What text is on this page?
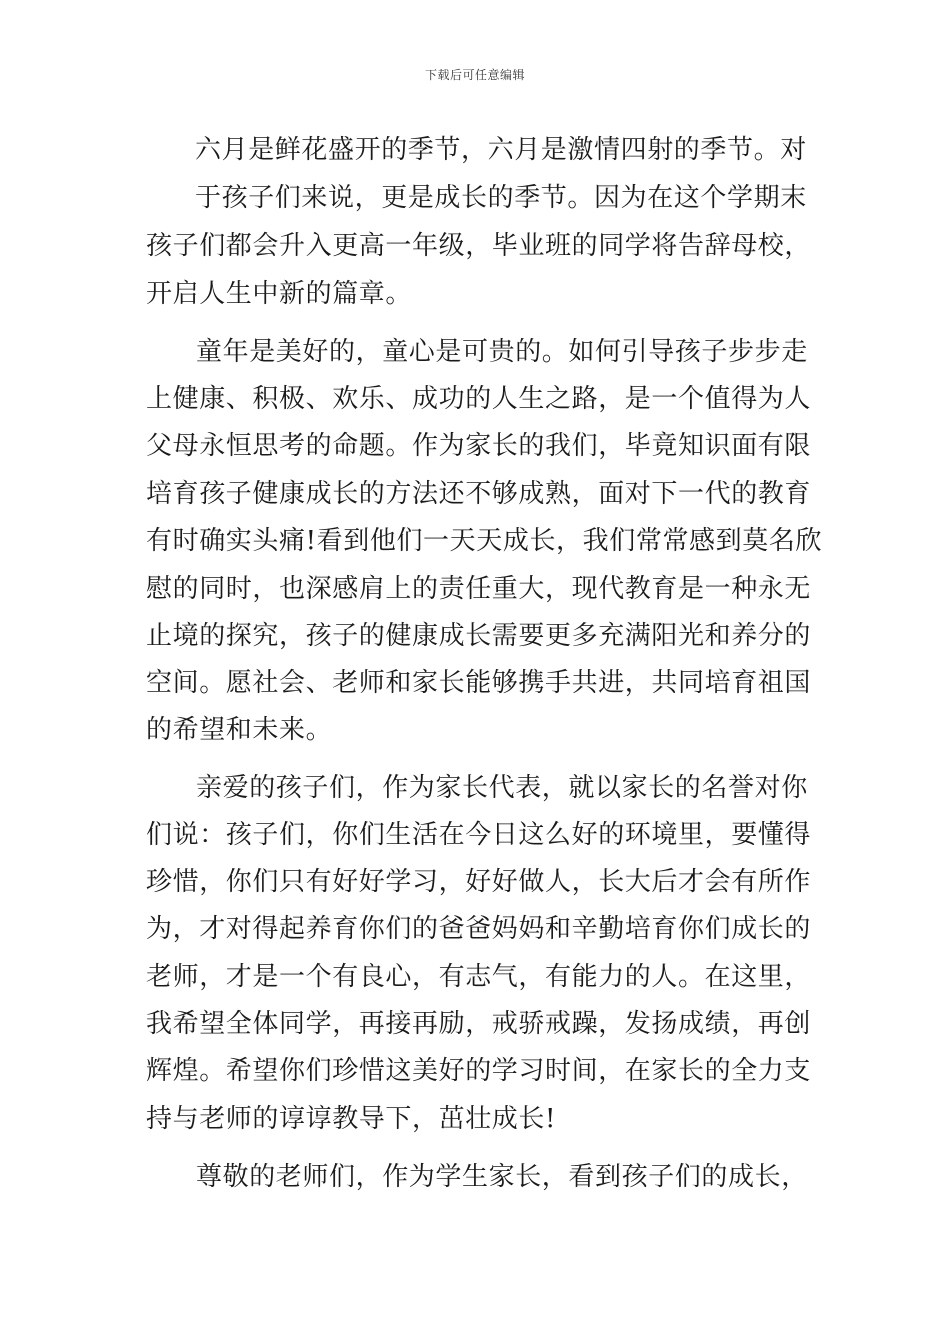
下载后可任意编辑
六月是鲜花盛开的季节，六月是激情四射的季节。对
于孩子们来说，更是成长的季节。因为在这个学期末
孩子们都会升入更高一年级，毕业班的同学将告辞母校，
开启人生中新的篇章。
童年是美好的，童心是可贵的。如何引导孩子步步走
上健康、积极、欢乐、成功的人生之路，是一个值得为人
父母永恒思考的命题。作为家长的我们，毕竟知识面有限
培育孩子健康成长的方法还不够成熟，面对下一代的教育
有时确实头痛!看到他们一天天成长，我们常常感到莫名欣
慰的同时，也深感肩上的责任重大，现代教育是一种永无
止境的探究，孩子的健康成长需要更多充满阳光和养分的
空间。愿社会、老师和家长能够携手共进，共同培育祖国
的希望和未来。
亲爱的孩子们，作为家长代表，就以家长的名誉对你
们说：孩子们，你们生活在今日这么好的环境里，要懂得
珍惜，你们只有好好学习，好好做人，长大后才会有所作
为，才对得起养育你们的爸爸妈妈和辛勤培育你们成长的
老师，才是一个有良心，有志气，有能力的人。在这里，
我希望全体同学，再接再励，戒骄戒躁，发扬成绩，再创
辉煌。希望你们珍惜这美好的学习时间，在家长的全力支
持与老师的谆谆教导下，茁壮成长!
尊敬的老师们，作为学生家长，看到孩子们的成长，
